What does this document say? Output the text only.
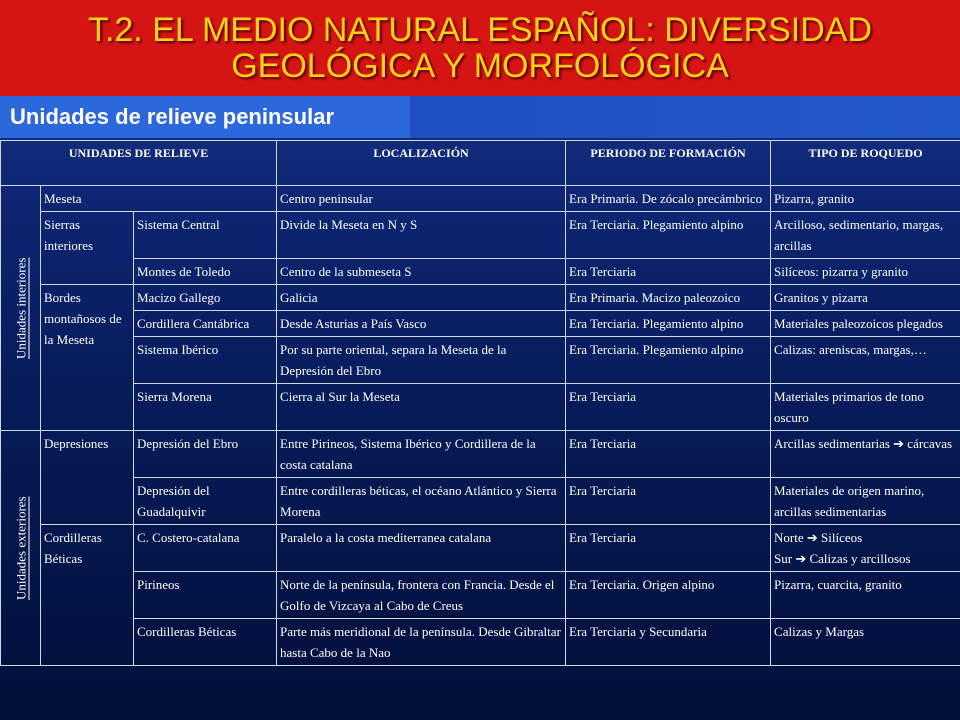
T.2. EL MEDIO NATURAL ESPAÑOL: DIVERSIDAD
GEOLÓGICA Y MORFOLÓGICA
Unidades de relieve peninsular
UNIDADES DE RELIEVE			LOCALIZACIÓN	PERIODO DE FORMACIÓN	TIPO DE ROQUEDO
Unidades interiores	Meseta		Centro peninsular	Era Primaria. De zócalo precámbrico	Pizarra, granito
	Sierras interiores	Sistema Central	Divide la Meseta en N y S	Era Terciaria. Plegamiento alpino	Arcilloso, sedimentario, margas, arcillas
		Montes de Toledo	Centro de la submeseta S	Era Terciaria	Silíceos: pizarra y granito
	Bordes montañosos de la Meseta	Macizo Gallego	Galicia	Era Primaria. Macizo paleozoico	Granitos y pizarra
		Cordillera Cantábrica	Desde Asturias a País Vasco	Era Terciaria. Plegamiento alpino	Materiales paleozoicos plegados
		Sistema Ibérico	Por su parte oriental, separa la Meseta de la Depresión del Ebro	Era Terciaria. Plegamiento alpino	Calizas: areniscas, margas,…
		Sierra Morena	Cierra al Sur la Meseta	Era Terciaria	Materiales primarios de tono oscuro
Unidades exteriores	Depresiones	Depresión del Ebro	Entre Pirineos, Sistema Ibérico y Cordillera de la costa catalana	Era Terciaria	Arcillas sedimentarias ➔ cárcavas
		Depresión del Guadalquivir	Entre cordilleras béticas, el océano Atlántico y Sierra Morena	Era Terciaria	Materiales de origen marino, arcillas sedimentarias
	Cordilleras Béticas	C. Costero-catalana	Paralelo a la costa mediterranea catalana	Era Terciaria	Norte ➔ Silíceos
Sur ➔ Calizas y arcillosos

		Pirineos	Norte de la península, frontera con Francia. Desde el Golfo de Vizcaya al Cabo de Creus	Era Terciaria. Origen alpino	Pizarra, cuarcita, granito
		Cordilleras Béticas	Parte más meridional de la península. Desde Gibraltar hasta Cabo de la Nao	Era Terciaria y Secundaria	Calizas y Margas
